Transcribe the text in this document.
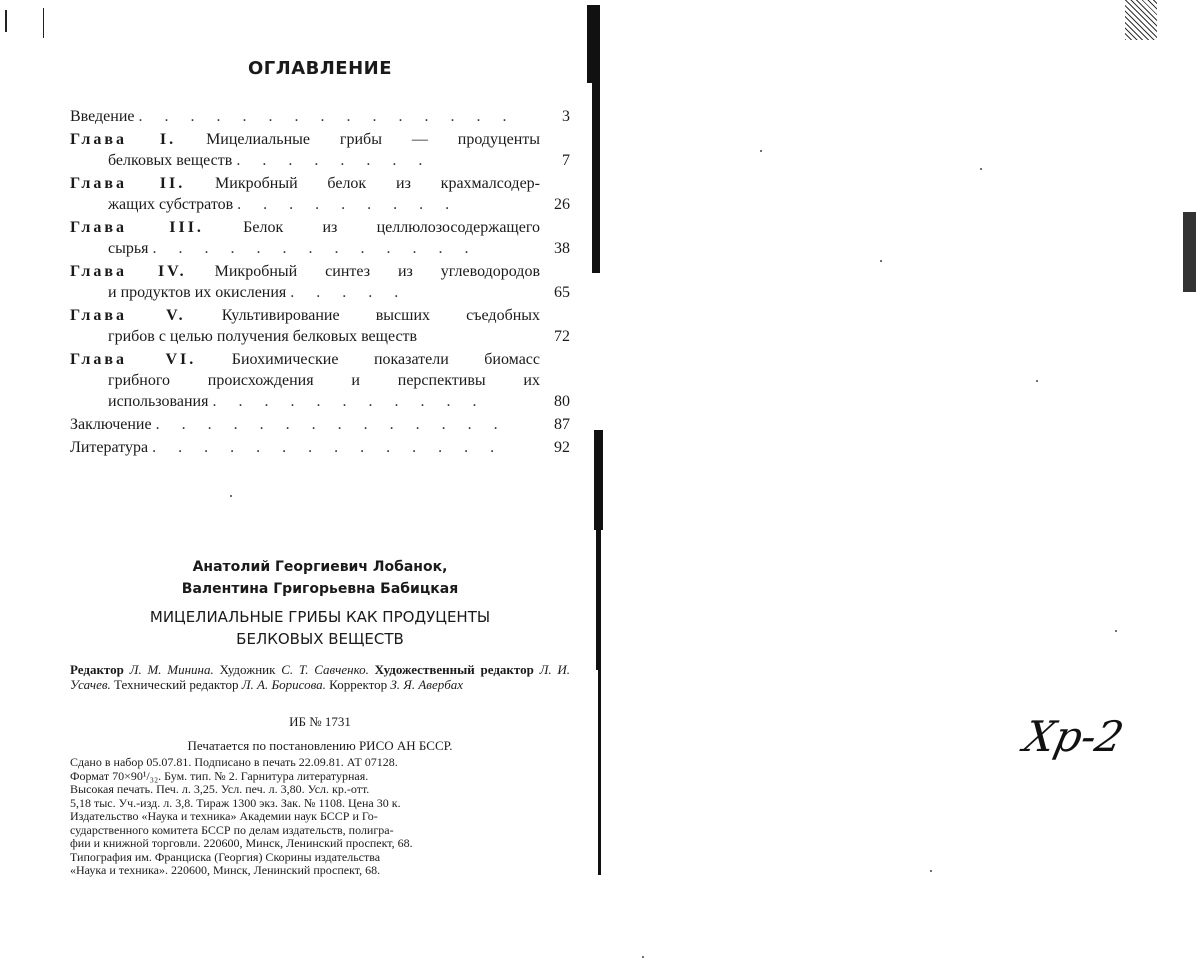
ОГЛАВЛЕНИЕ
Введение . . . . . . . . . . . . . . .	3
Глава I. Мицелиальные грибы — продуценты
белковых веществ . . . . . . . .	7
Глава II. Микробный белок из крахмалсодер-
жащих субстратов . . . . . . . . .	26
Глава III. Белок из целлюлозосодержащего
сырья . . . . . . . . . . . . .	38
Глава IV. Микробный синтез из углеводородов
и продуктов их окисления . . . . .	65
Глава V. Культивирование высших съедобных
грибов с целью получения белковых веществ	72
Глава VI. Биохимические показатели биомасс
грибного происхождения и перспективы их
использования . . . . . . . . . . .	80
Заключение . . . . . . . . . . . . . .	87
Литература . . . . . . . . . . . . . .	92
Анатолий Георгиевич Лобанок,
Валентина Григорьевна Бабицкая
МИЦЕЛИАЛЬНЫЕ ГРИБЫ КАК ПРОДУЦЕНТЫ
БЕЛКОВЫХ ВЕЩЕСТВ
Редактор Л. М. Минина. Художник С. Т. Савченко. Художественный редактор Л. И. Усачев. Технический редактор Л. А. Борисова. Корректор З. Я. Авербах
ИБ № 1731
Печатается по постановлению РИСО АН БССР.
Сдано в набор 05.07.81. Подписано в печать 22.09.81. АТ 07128.
Формат 70×90¹/₃₂. Бум. тип. № 2. Гарнитура литературная.
Высокая печать. Печ. л. 3,25. Усл. печ. л. 3,80. Усл. кр.-отт.
5,18 тыс. Уч.-изд. л. 3,8. Тираж 1300 экз. Зак. № 1108. Цена 30 к.
Издательство «Наука и техника» Академии наук БССР и Го-
сударственного комитета БССР по делам издательств, полигра-
фии и книжной торговли. 220600, Минск, Ленинский проспект, 68.
Типография им. Франциска (Георгия) Скорины издательства
«Наука и техника». 220600, Минск, Ленинский проспект, 68.
Хр-2
